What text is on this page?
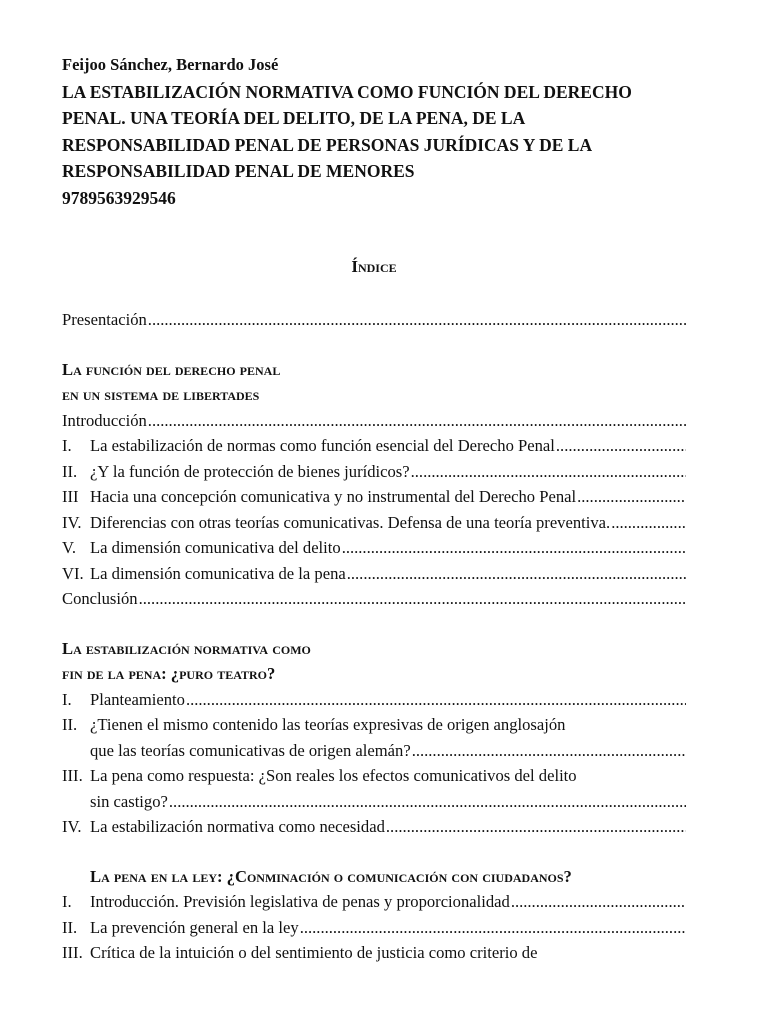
Feijoo Sánchez, Bernardo José
LA ESTABILIZACIÓN NORMATIVA COMO FUNCIÓN DEL DERECHO
PENAL. UNA TEORÍA DEL DELITO, DE LA PENA, DE LA
RESPONSABILIDAD PENAL DE PERSONAS JURÍDICAS Y DE LA
RESPONSABILIDAD PENAL DE MENORES
9789563929546
Índice
Presentación
.....
La función del derecho penal
en un sistema de libertades
Introducción
.....
I.	La estabilización de normas como función esencial del Derecho Penal
.....
II. ¿Y la función de protección de bienes jurídicos?
.....
III Hacia una concepción comunicativa y no instrumental del Derecho Penal
.....
IV. Diferencias con otras teorías comunicativas. Defensa de una teoría preventiva.
.....
V. La dimensión comunicativa del delito
.....
VI. La dimensión comunicativa de la pena
.....
Conclusión
.....
La estabilización normativa como
fin de la pena: ¿puro teatro?
I.	Planteamiento
.....
II. ¿Tienen el mismo contenido las teorías expresivas de origen anglosajón
que las teorías comunicativas de origen alemán?
.....
III. La pena como respuesta: ¿Son reales los efectos comunicativos del delito
sin castigo?
.....
IV. La estabilización normativa como necesidad
.....
La pena en la ley: ¿Conminación o comunicación con ciudadanos?
I.	Introducción. Previsión legislativa de penas y proporcionalidad
.....
II. La prevención general en la ley
.....
III. Crítica de la intuición o del sentimiento de justicia como criterio de
